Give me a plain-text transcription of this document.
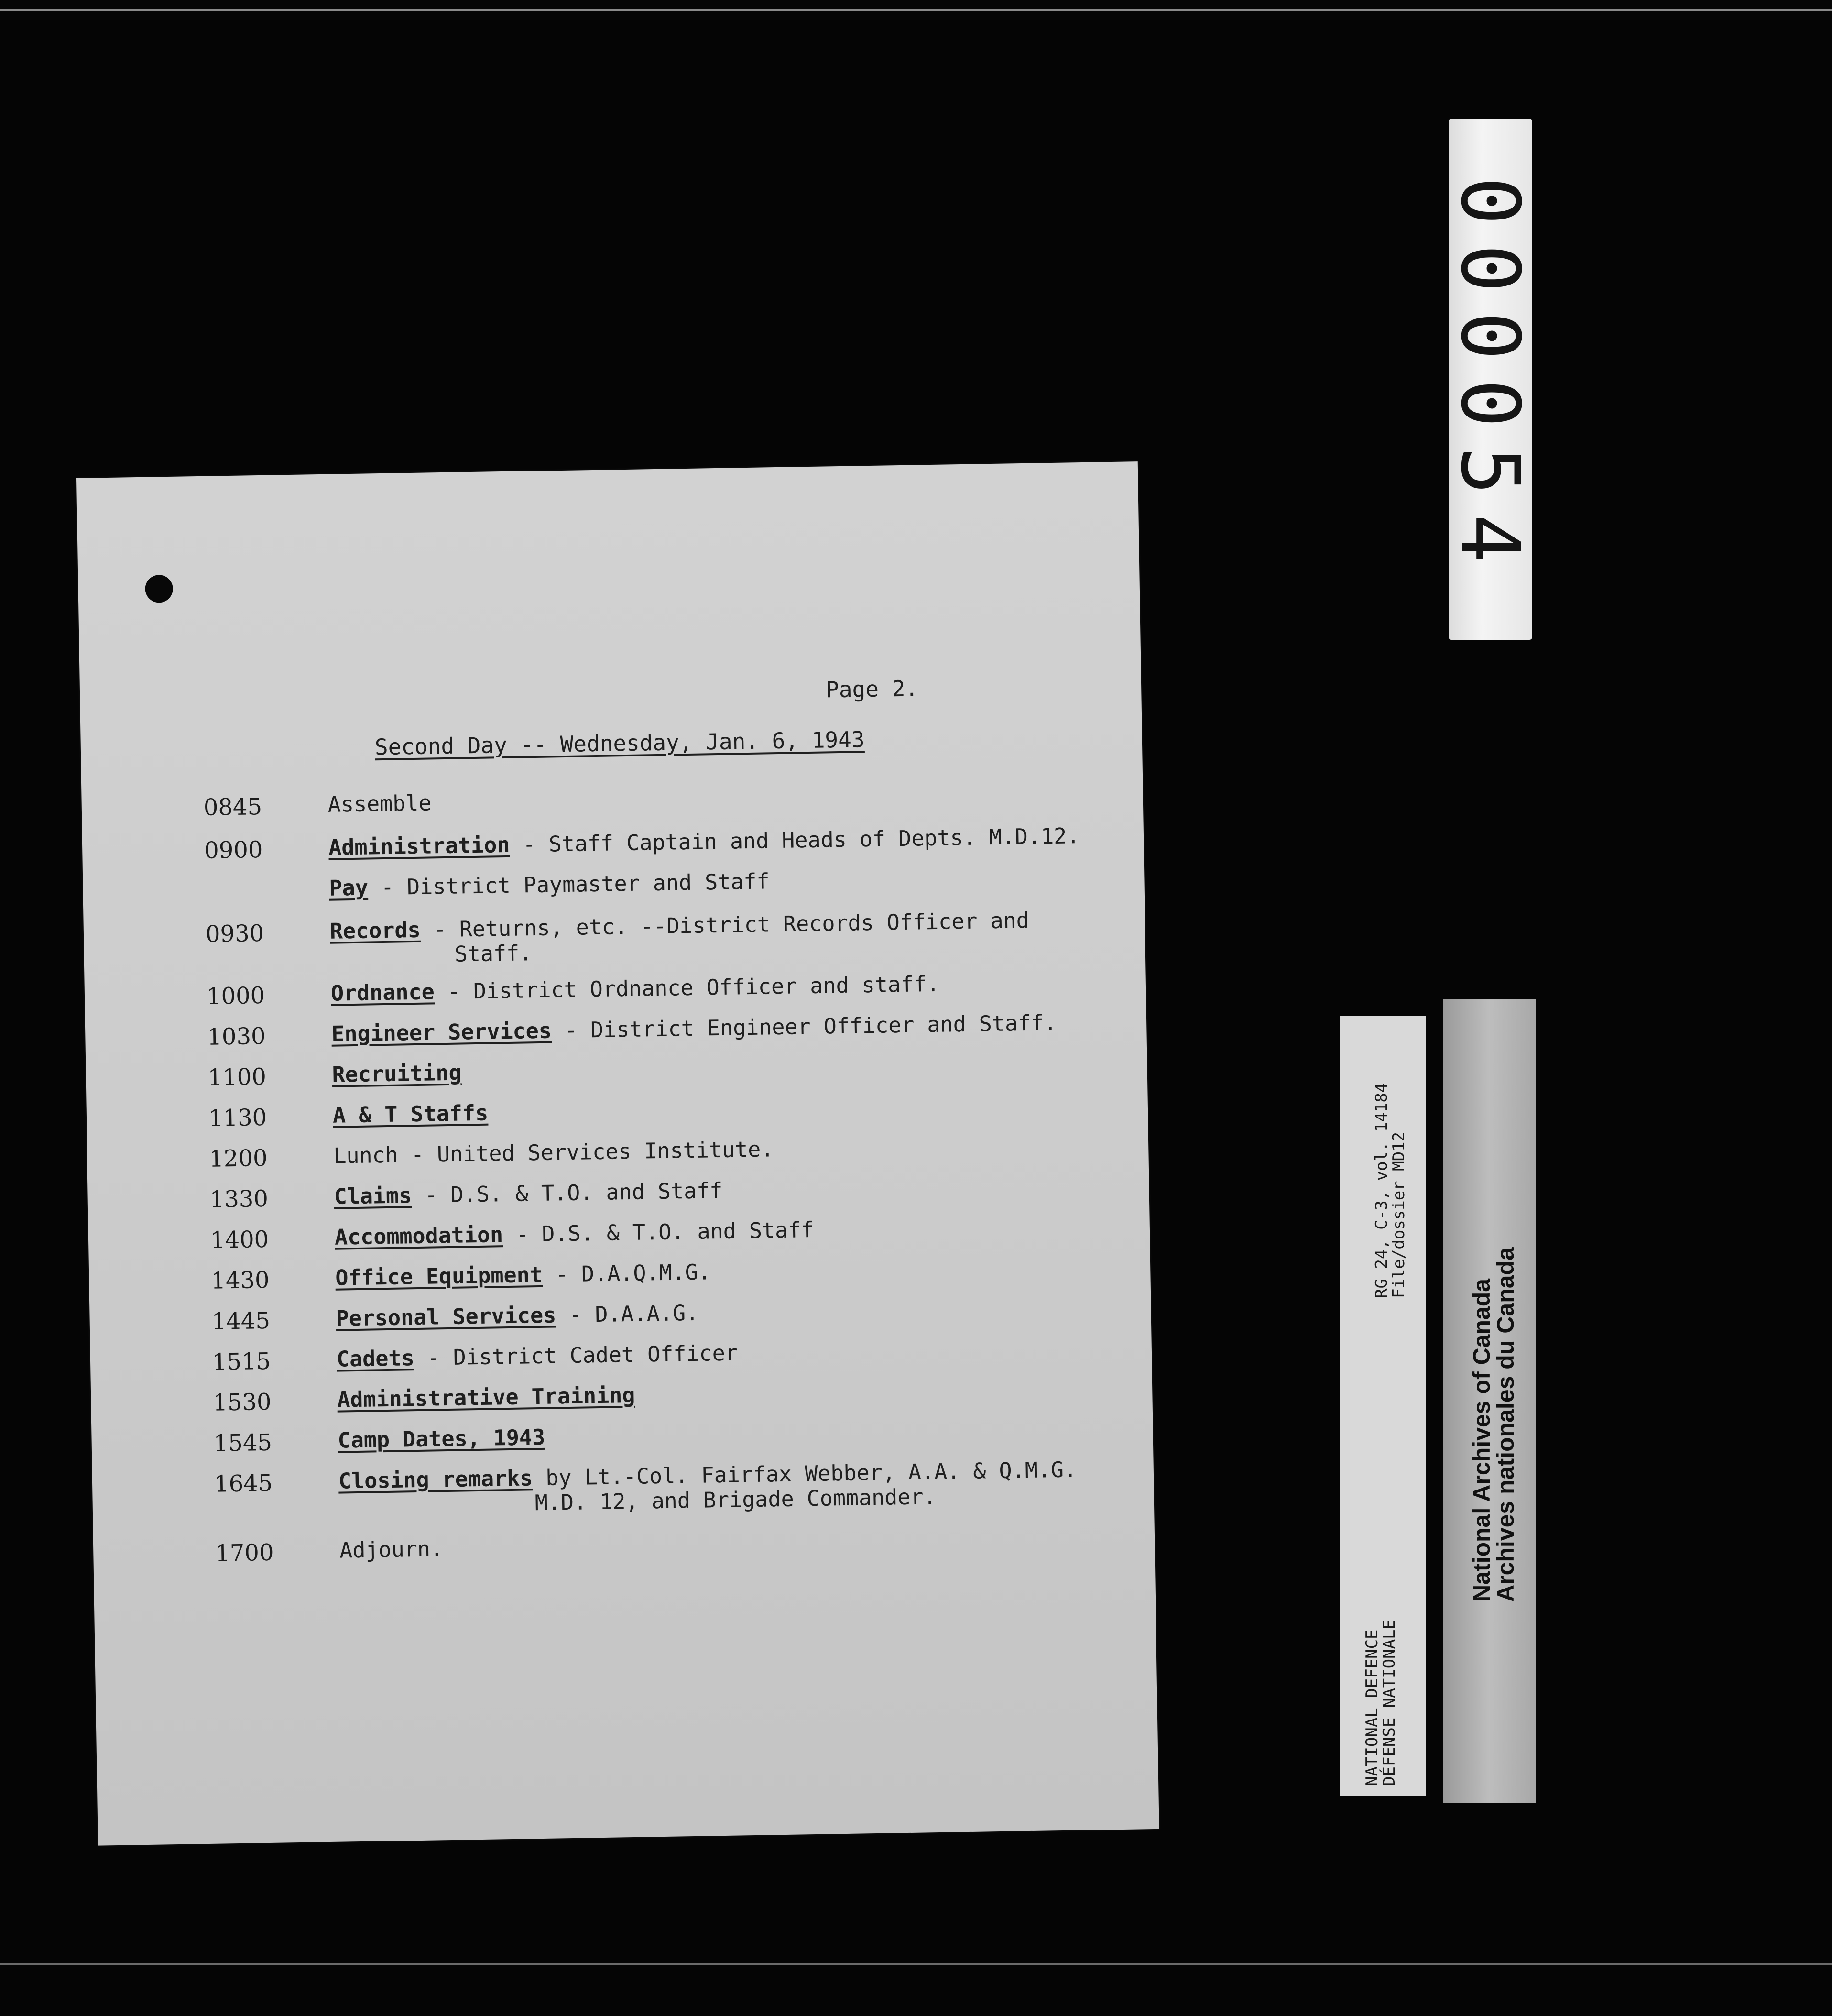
Page 2.
Second Day -- Wednesday, Jan. 6, 1943
0845	Assemble
0900	Administration - Staff Captain and Heads of Depts. M.D.12.
Pay - District Paymaster and Staff
0930	Records - Returns, etc. --District Records Officer and
Staff.
1000	Ordnance - District Ordnance Officer and staff.
1030	Engineer Services - District Engineer Officer and Staff.
1100	Recruiting
1130	A & T Staffs
1200	Lunch - United Services Institute.
1330	Claims - D.S. & T.O. and Staff
1400	Accommodation - D.S. & T.O. and Staff
1430	Office Equipment - D.A.Q.M.G.
1445	Personal Services - D.A.A.G.
1515	Cadets - District Cadet Officer
1530	Administrative Training
1545	Camp Dates, 1943
1645	Closing remarks by Lt.-Col. Fairfax Webber, A.A. & Q.M.G.
M.D. 12, and Brigade Commander.
1700	Adjourn.
000054
NATIONAL DEFENCE
DÉFENSE NATIONALE
RG 24, C-3, vol. 14184
File/dossier MD12
National Archives of Canada
Archives nationales du Canada
